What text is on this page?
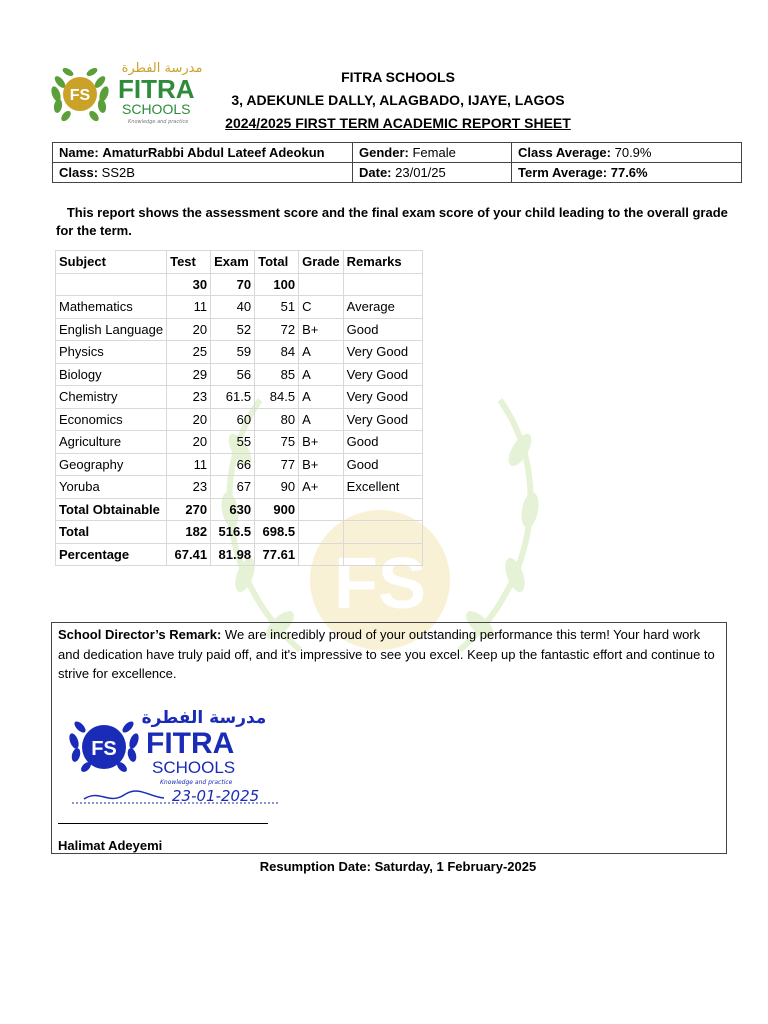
FS
مدرسة الفطرة
FITRA
SCHOOLS
Knowledge and practice
FITRA SCHOOLS
3, ADEKUNLE DALLY, ALAGBADO, IJAYE, LAGOS
2024/2025 FIRST TERM ACADEMIC REPORT SHEET
Name: AmaturRabbi Abdul Lateef Adeokun	Gender: Female	Class Average: 70.9%
Class: SS2B	Date: 23/01/25	Term Average: 77.6%
This report shows the assessment score and the final exam score of your child leading to the overall grade for the term.
FS
Subject	Test	Exam	Total	Grade	Remarks
	30	70	100		
Mathematics	11	40	51	C	Average
English Language	20	52	72	B+	Good
Physics	25	59	84	A	Very Good
Biology	29	56	85	A	Very Good
Chemistry	23	61.5	84.5	A	Very Good
Economics	20	60	80	A	Very Good
Agriculture	20	55	75	B+	Good
Geography	11	66	77	B+	Good
Yoruba	23	67	90	A+	Excellent
Total Obtainable	270	630	900		
Total	182	516.5	698.5		
Percentage	67.41	81.98	77.61		
School Director’s Remark: We are incredibly proud of your outstanding performance this term! Your hard work and dedication have truly paid off, and it's impressive to see you excel. Keep up the fantastic effort and continue to strive for excellence.
FS
مدرسة الفطرة
FITRA
SCHOOLS
Knowledge and practice
23-01-2025
Halimat Adeyemi
Resumption Date: Saturday, 1 February-2025
